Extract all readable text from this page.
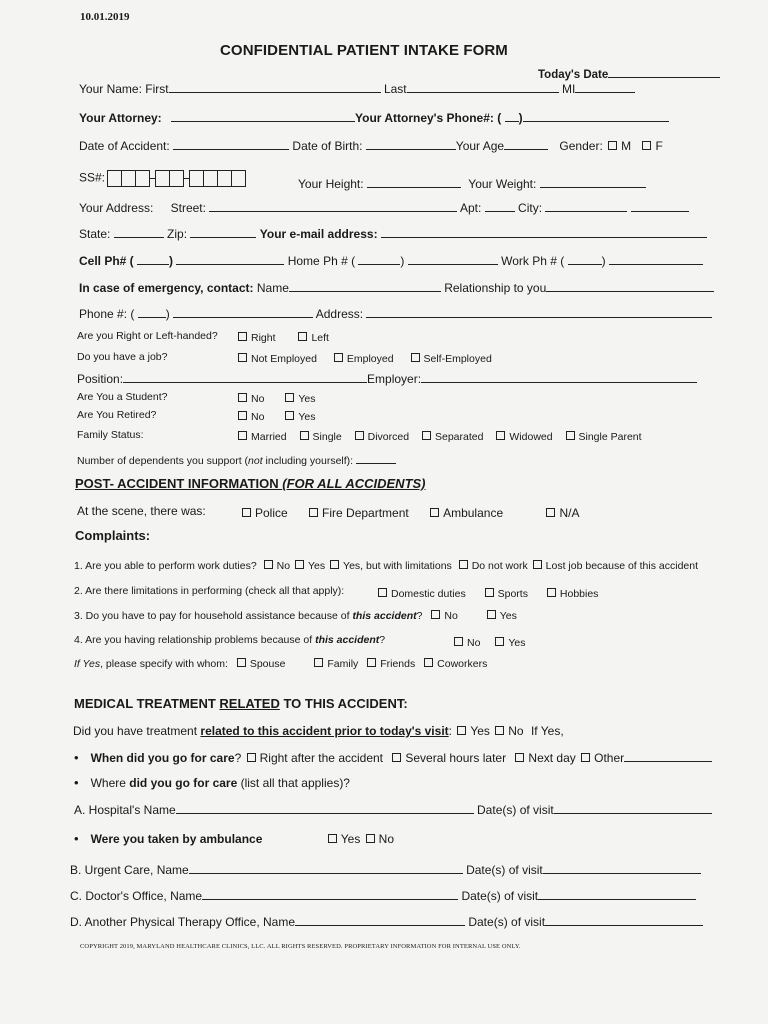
10.01.2019
CONFIDENTIAL PATIENT INTAKE FORM
Today's Date
Your Name: First	Last	MI
Your Attorney:	Your Attorney's Phone#: ( )
Date of Accident:	Date of Birth:	Your Age	Gender: M F
SS#:	Your Height:	Your Weight:
Your Address: Street:	Apt:	City:
State:	Zip:	Your e-mail address:
Cell Ph# (	)	Home Ph # (	)	Work Ph # (	)
In case of emergency, contact: Name	Relationship to you
Phone #: (	)	Address:
Are you Right or Left-handed?	Right	Left
Do you have a job?	Not Employed	Employed	Self-Employed
Position:	Employer:
Are You a Student?	No	Yes
Are You Retired?	No	Yes
Family Status:	Married Single Divorced Separated Widowed Single Parent
Number of dependents you support (not including yourself):
POST- ACCIDENT INFORMATION (FOR ALL ACCIDENTS)
At the scene, there was:	Police	Fire Department	Ambulance	N/A
Complaints:
1. Are you able to perform work duties? No Yes Yes, but with limitations Do not work Lost job because of this accident
2. Are there limitations in performing (check all that apply):	Domestic duties	Sports	Hobbies
3. Do you have to pay for household assistance because of this accident? No	Yes
4. Are you having relationship problems because of this accident?	No	Yes
If Yes, please specify with whom: Spouse	Family Friends Coworkers
MEDICAL TREATMENT RELATED TO THIS ACCIDENT:
Did you have treatment related to this accident prior to today's visit: Yes No If Yes,
• When did you go for care? Right after the accident Several hours later Next day Other
• Where did you go for care (list all that applies)?
A. Hospital's Name	Date(s) of visit
• Were you taken by ambulance	Yes No
B. Urgent Care, Name	Date(s) of visit
C. Doctor's Office, Name	Date(s) of visit
D. Another Physical Therapy Office, Name	Date(s) of visit
COPYRIGHT 2019, MARYLAND HEALTHCARE CLINICS, LLC. ALL RIGHTS RESERVED. PROPRIETARY INFORMATION FOR INTERNAL USE ONLY.
